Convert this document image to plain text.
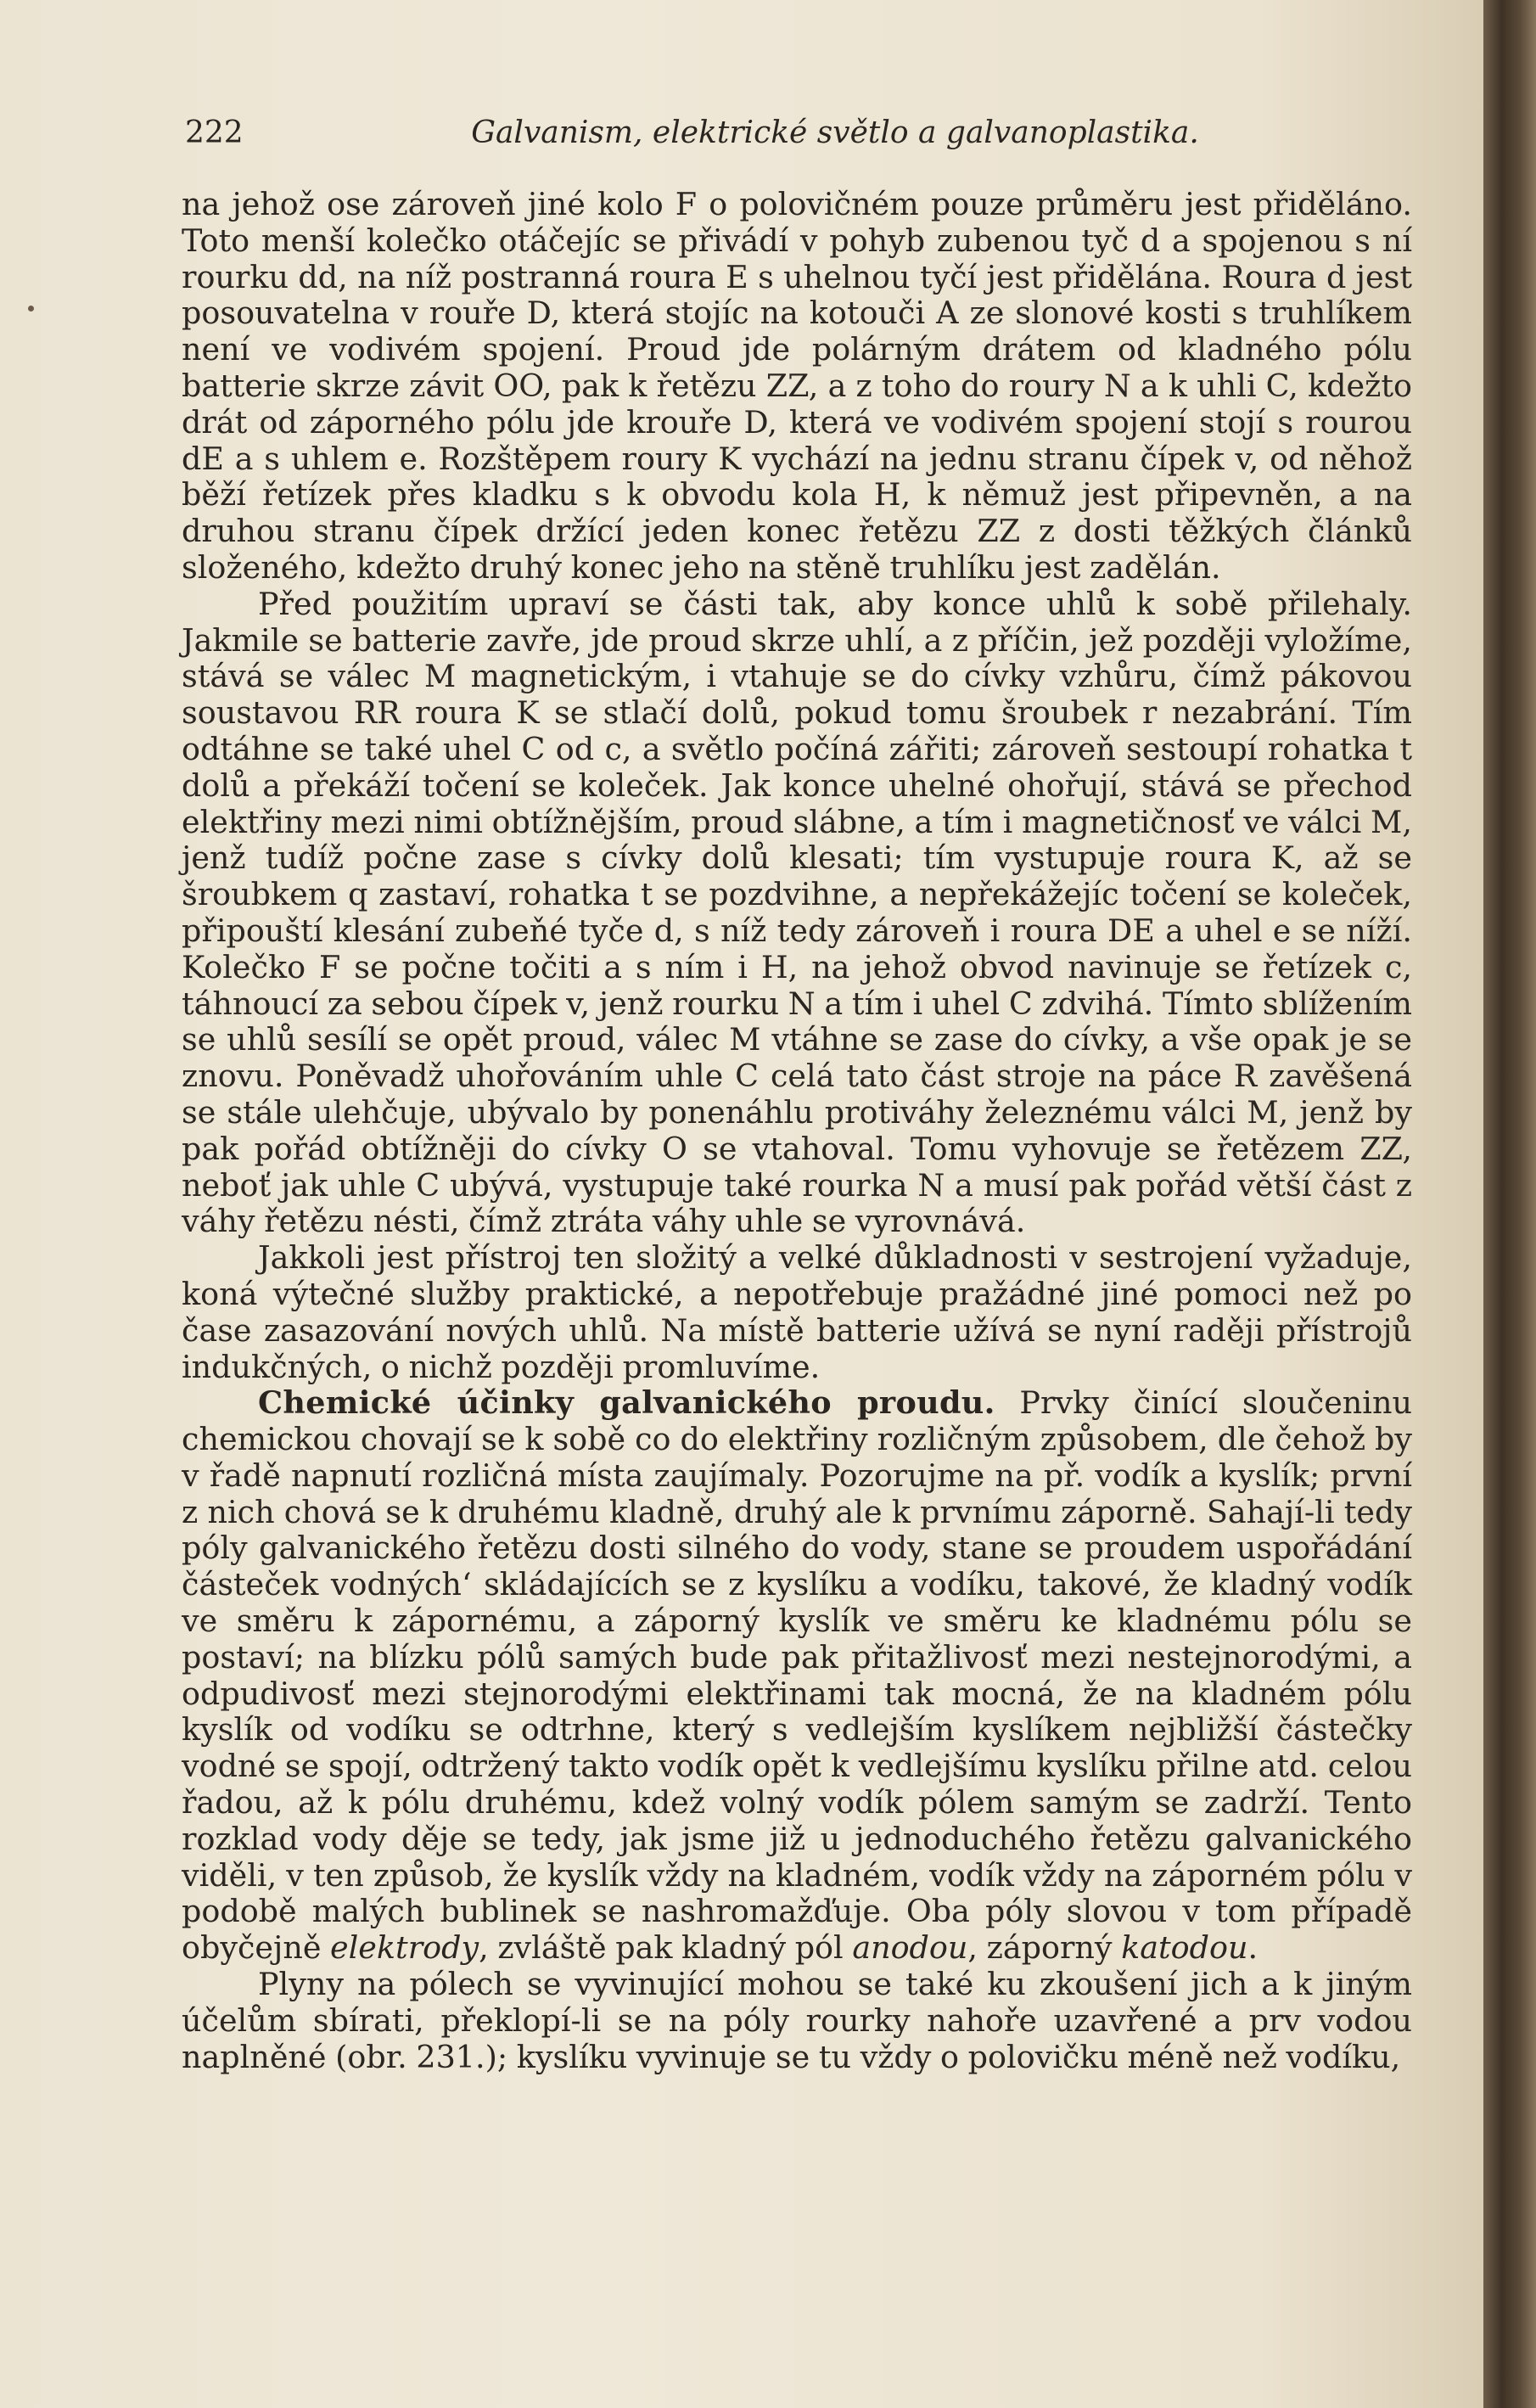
222	Galvanism, elektrické světlo a galvanoplastika.

na jehož ose zároveň jiné kolo F o polovičném pouze průměru jest přiděláno. Toto menší kolečko otáčejíc se přivádí v pohyb zubenou tyč d a spojenou s ní rourku dd, na níž postranná roura E s uhelnou tyčí jest přidělána. Roura d jest posouvatelna v rouře D, která stojíc na kotouči A ze slonové kosti s truhlíkem není ve vodivém spojení. Proud jde polárným drátem od kladného pólu batterie skrze závit OO, pak k řetězu ZZ, a z toho do roury N a k uhli C, kdežto drát od záporného pólu jde krouře D, která ve vodivém spojení stojí s rourou dE a s uhlem e. Rozštěpem roury K vychází na jednu stranu čípek v, od něhož běží řetízek přes kladku s k obvodu kola H, k němuž jest připevněn, a na druhou stranu čípek držící jeden konec řetězu ZZ z dosti těžkých článků složeného, kdežto druhý konec jeho na stěně truhlíku jest zadělán.

Před použitím upraví se části tak, aby konce uhlů k sobě přilehaly. Jakmile se batterie zavře, jde proud skrze uhlí, a z příčin, jež později vyložíme, stává se válec M magnetickým, i vtahuje se do cívky vzhůru, čímž pákovou soustavou RR roura K se stlačí dolů, pokud tomu šroubek r nezabrání. Tím odtáhne se také uhel C od c, a světlo počíná zářiti; zároveň sestoupí rohatka t dolů a překáží točení se koleček. Jak konce uhelné ohořují, stává se přechod elektřiny mezi nimi obtížnějším, proud slábne, a tím i magnetičnosť ve válci M, jenž tudíž počne zase s cívky dolů klesati; tím vystupuje roura K, až se šroubkem q zastaví, rohatka t se pozdvihne, a nepřekážejíc točení se koleček, připouští klesání zubeňé tyče d, s níž tedy zároveň i roura DE a uhel e se níží. Kolečko F se počne točiti a s ním i H, na jehož obvod navinuje se řetízek c, táhnoucí za sebou čípek v, jenž rourku N a tím i uhel C zdvihá. Tímto sblížením se uhlů sesílí se opět proud, válec M vtáhne se zase do cívky, a vše opak je se znovu. Poněvadž uhořováním uhle C celá tato část stroje na páce R zavěšená se stále ulehčuje, ubývalo by ponenáhlu protiváhy železnému válci M, jenž by pak pořád obtížněji do cívky O se vtahoval. Tomu vyhovuje se řetězem ZZ, neboť jak uhle C ubývá, vystupuje také rourka N a musí pak pořád větší část z váhy řetězu nésti, čímž ztráta váhy uhle se vyrovnává.

Jakkoli jest přístroj ten složitý a velké důkladnosti v sestrojení vyžaduje, koná výtečné služby praktické, a nepotřebuje pražádné jiné pomoci než po čase zasazování nových uhlů. Na místě batterie užívá se nyní raději přístrojů indukčných, o nichž později promluvíme.

Chemické účinky galvanického proudu. Prvky činící sloučeninu chemickou chovají se k sobě co do elektřiny rozličným způsobem, dle čehož by v řadě napnutí rozličná místa zaujímaly. Pozorujme na př. vodík a kyslík; první z nich chová se k druhému kladně, druhý ale k prvnímu záporně. Sahají-li tedy póly galvanického řetězu dosti silného do vody, stane se proudem uspořádání částeček vodných‘ skládajících se z kyslíku a vodíku, takové, že kladný vodík ve směru k zápornému, a záporný kyslík ve směru ke kladnému pólu se postaví; na blízku pólů samých bude pak přitažlivosť mezi nestejnorodými, a odpudivosť mezi stejnorodými elektřinami tak mocná, že na kladném pólu kyslík od vodíku se odtrhne, který s vedlejším kyslíkem nejbližší částečky vodné se spojí, odtržený takto vodík opět k vedlejšímu kyslíku přilne atd. celou řadou, až k pólu druhému, kdež volný vodík pólem samým se zadrží. Tento rozklad vody děje se tedy, jak jsme již u jednoduchého řetězu galvanického viděli, v ten způsob, že kyslík vždy na kladném, vodík vždy na záporném pólu v podobě malých bublinek se nashromažďuje. Oba póly slovou v tom případě obyčejně elektrody, zvláště pak kladný pól anodou, záporný katodou.

Plyny na pólech se vyvinující mohou se také ku zkoušení jich a k jiným účelům sbírati, překlopí-li se na póly rourky nahoře uzavřené a prv vodou naplněné (obr. 231.); kyslíku vyvinuje se tu vždy o polovičku méně než vodíku,
